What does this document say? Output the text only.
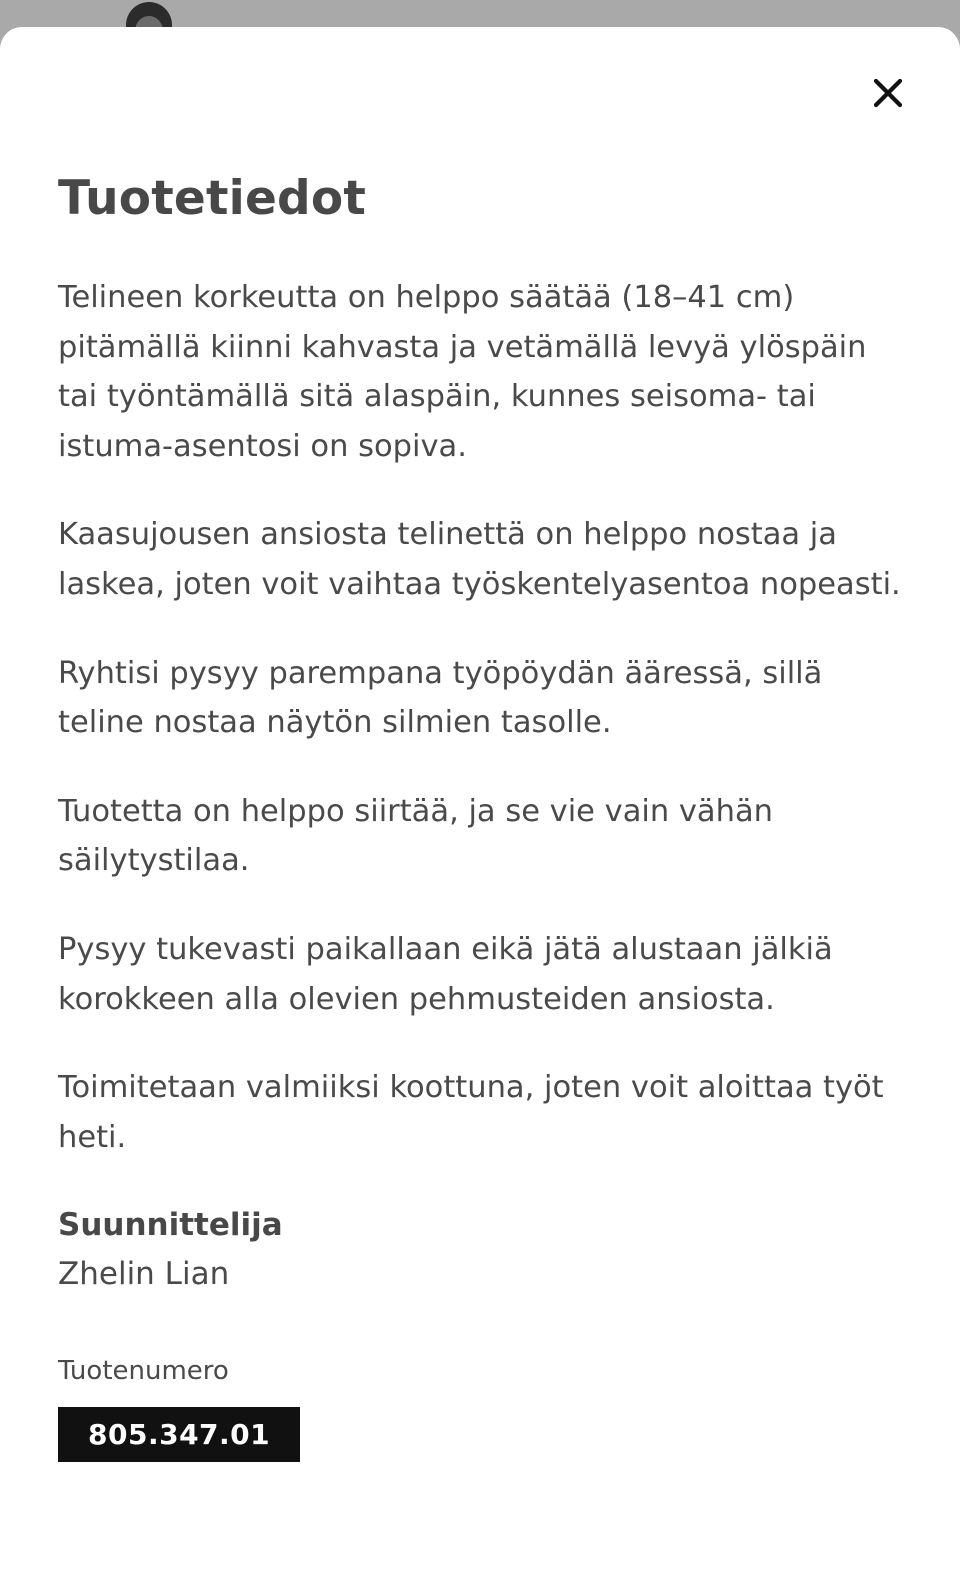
Tuotetiedot

Telineen korkeutta on helppo säätää (18–41 cm) pitämällä kiinni kahvasta ja vetämällä levyä ylöspäin tai työntämällä sitä alaspäin, kunnes seisoma- tai istuma-asentosi on sopiva.

Kaasujousen ansiosta telinettä on helppo nostaa ja laskea, joten voit vaihtaa työskentelyasentoa nopeasti.

Ryhtisi pysyy parempana työpöydän ääressä, sillä teline nostaa näytön silmien tasolle.

Tuotetta on helppo siirtää, ja se vie vain vähän säilytystilaa.

Pysyy tukevasti paikallaan eikä jätä alustaan jälkiä korokkeen alla olevien pehmusteiden ansiosta.

Toimitetaan valmiiksi koottuna, joten voit aloittaa työt heti.

Suunnittelija

Zhelin Lian

Tuotenumero

805.347.01
